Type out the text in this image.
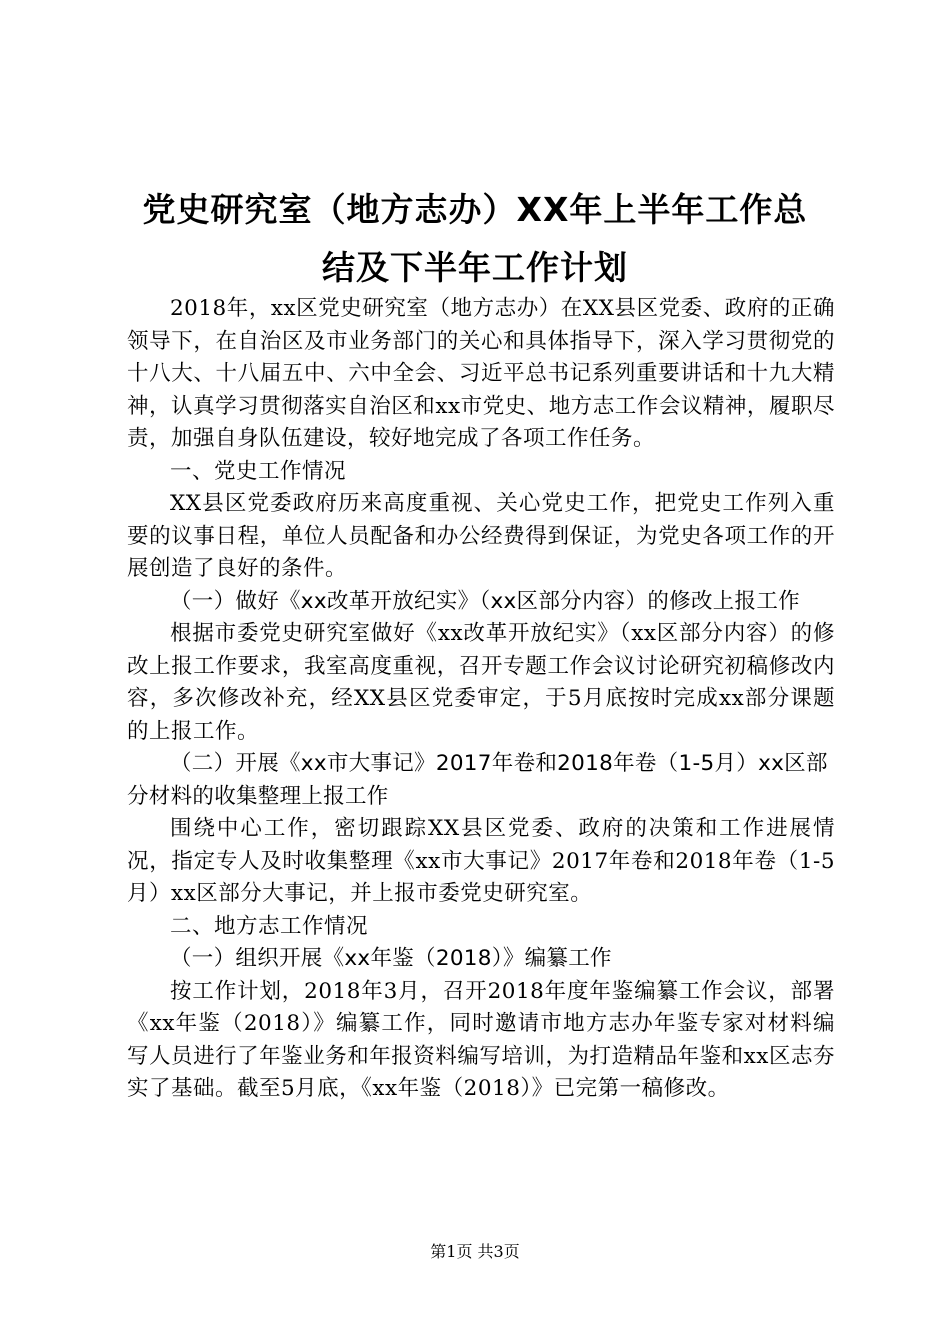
党史研究室（地方志办）XX年上半年工作总
结及下半年工作计划

2018年，xx区党史研究室（地方志办）在XX县区党委、政府的正确领导下，在自治区及市业务部门的关心和具体指导下，深入学习贯彻党的十八大、十八届五中、六中全会、习近平总书记系列重要讲话和十九大精神，认真学习贯彻落实自治区和xx市党史、地方志工作会议精神，履职尽责，加强自身队伍建设，较好地完成了各项工作任务。

一、党史工作情况

XX县区党委政府历来高度重视、关心党史工作，把党史工作列入重要的议事日程，单位人员配备和办公经费得到保证，为党史各项工作的开展创造了良好的条件。

（一）做好《xx改革开放纪实》（xx区部分内容）的修改上报工作

根据市委党史研究室做好《xx改革开放纪实》（xx区部分内容）的修改上报工作要求，我室高度重视，召开专题工作会议讨论研究初稿修改内容，多次修改补充，经XX县区党委审定，于5月底按时完成xx部分课题的上报工作。

（二）开展《xx市大事记》2017年卷和2018年卷（1-5月）xx区部分材料的收集整理上报工作

围绕中心工作，密切跟踪XX县区党委、政府的决策和工作进展情况，指定专人及时收集整理《xx市大事记》2017年卷和2018年卷（1-5月）xx区部分大事记，并上报市委党史研究室。

二、地方志工作情况

（一）组织开展《xx年鉴（2018）》编纂工作

按工作计划，2018年3月，召开2018年度年鉴编纂工作会议，部署《xx年鉴（2018）》编纂工作，同时邀请市地方志办年鉴专家对材料编写人员进行了年鉴业务和年报资料编写培训，为打造精品年鉴和xx区志夯实了基础。截至5月底，《xx年鉴（2018）》已完第一稿修改。

第1页 共3页
